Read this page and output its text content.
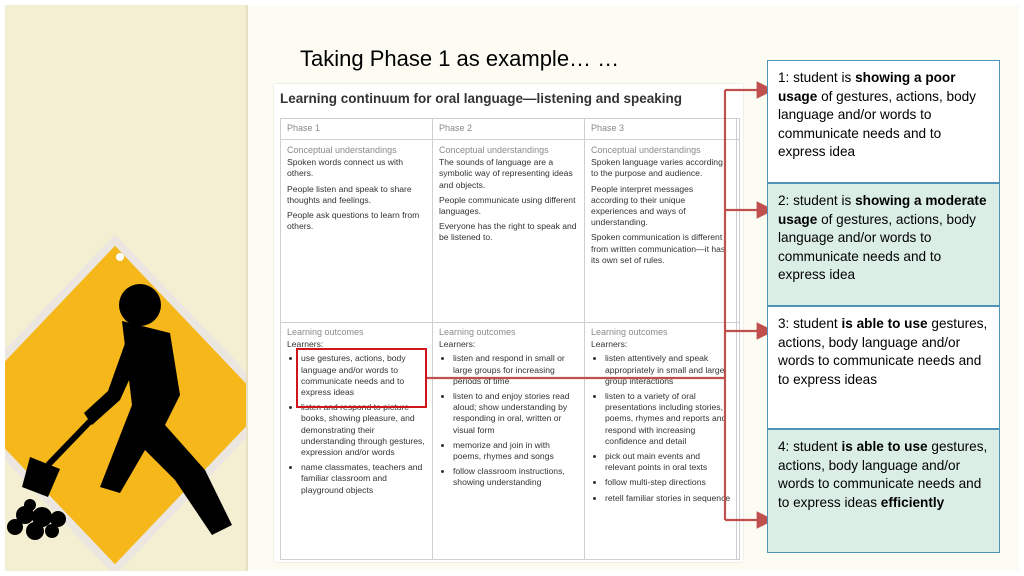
Taking Phase 1 as example… …
Learning continuum for oral language—listening and speaking
Phase 1	Phase 2	Phase 3
Conceptual understandings

Spoken words connect us with others.

People listen and speak to share thoughts and feelings.

People ask questions to learn from others.

Conceptual understandings

The sounds of language are a symbolic way of representing ideas and objects.

People communicate using different languages.

Everyone has the right to speak and be listened to.

Conceptual understandings

Spoken language varies according to the purpose and audience.

People interpret messages according to their unique experiences and ways of understanding.

Spoken communication is different from written communication—it has its own set of rules.

Learning outcomes
Learners:
• use gestures, actions, body language and/or words to communicate needs and to express ideas
• listen and respond to picture books, showing pleasure, and demonstrating their understanding through gestures, expression and/or words
• name classmates, teachers and familiar classroom and playground objects
Learning outcomes
Learners:
• listen and respond in small or large groups for increasing periods of time
• listen to and enjoy stories read aloud; show understanding by responding in oral, written or visual form
• memorize and join in with poems, rhymes and songs
• follow classroom instructions, showing understanding
Learning outcomes
Learners:
• listen attentively and speak appropriately in small and large group interactions
• listen to a variety of oral presentations including stories, poems, rhymes and reports and respond with increasing confidence and detail
• pick out main events and relevant points in oral texts
• follow multi-step directions
• retell familiar stories in sequence
1: student is showing a poor usage of gestures, actions, body language and/or words to communicate needs and to express idea
2: student is showing a moderate usage of gestures, actions, body language and/or words to communicate needs and to express idea
3: student is able to use gestures, actions, body language and/or words to communicate needs and to express ideas
4: student is able to use gestures, actions, body language and/or words to communicate needs and to express ideas efficiently
